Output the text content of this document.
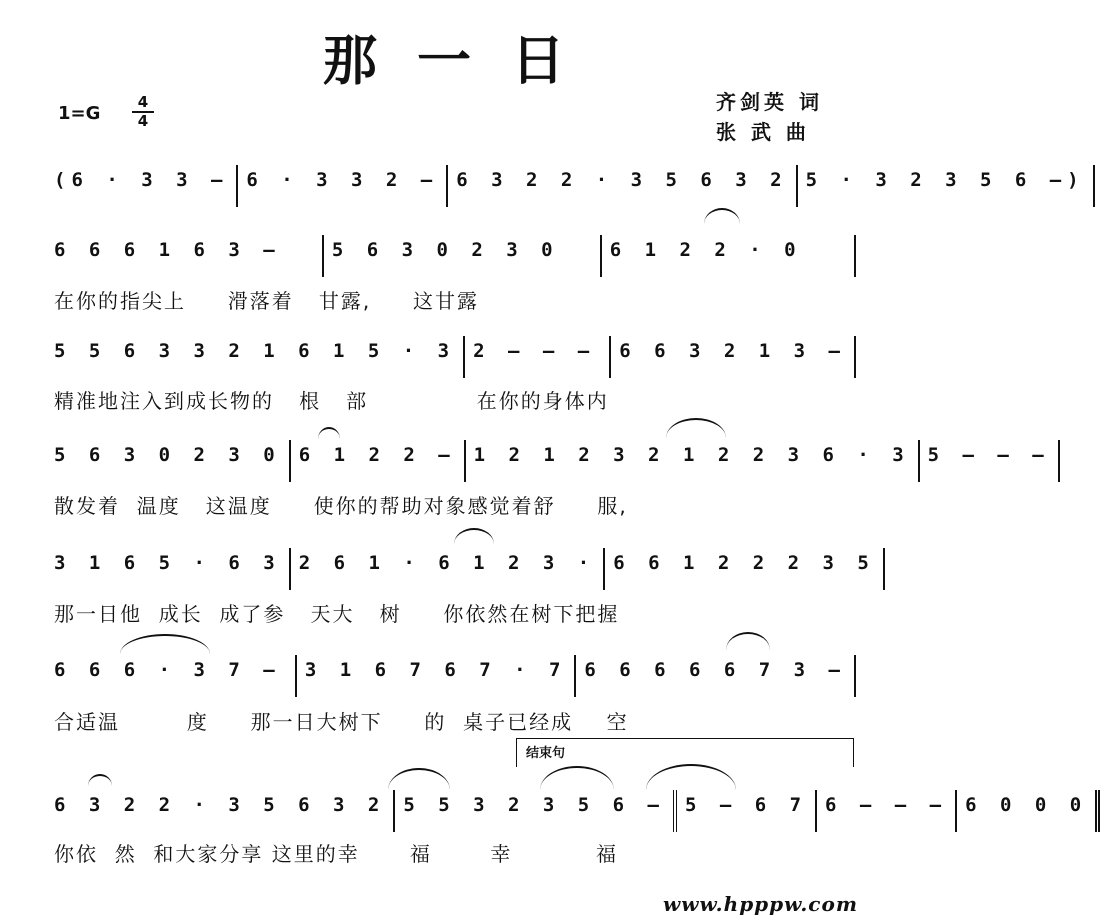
那一日
1=G
4
4
齐剑英 词
张 武 曲
(6 · 3 3 — 6 · 3 3 2 — 6 3 2 2 · 3 5 6 3 2 5 · 3 2 3 5 6 —)
6 6 6 1 6 3 —	5 6 3 0 2 3 0	6 1 2 2 · 0
在你的指尖上     滑落着   甘露,     这甘露
5 5 6 3 3 2 1 6 1 5 · 3 2 — — —	6 6 3 2 1 3 —
精准地注入到成长物的   根   部             在你的身体内
5 6 3 0 2 3 0 6 1 2 2 — 1 2 1 2 3 2 1 2 2 3 6 · 3 5 — — —
散发着  温度   这温度     使你的帮助对象感觉着舒     服,
3 1 6 5 · 6 3 2 6 1 · 6 1 2 3 · 6 6 1 2 2 2 3 5
那一日他  成长  成了参   天大   树     你依然在树下把握
6 6 6 · 3 7 —	3 1 6 7 6 7 · 7 6 6 6 6 6 7 3 —
合适温        度     那一日大树下     的  桌子已经成    空
结束句
6 3 2 2 · 3 5 6 3 2 5 5 3 2 3 5 6 —	5 — 6 7 6 — — — 6 0 0 0
你依  然  和大家分享 这里的幸      福       幸          福
www.hpppw.com
